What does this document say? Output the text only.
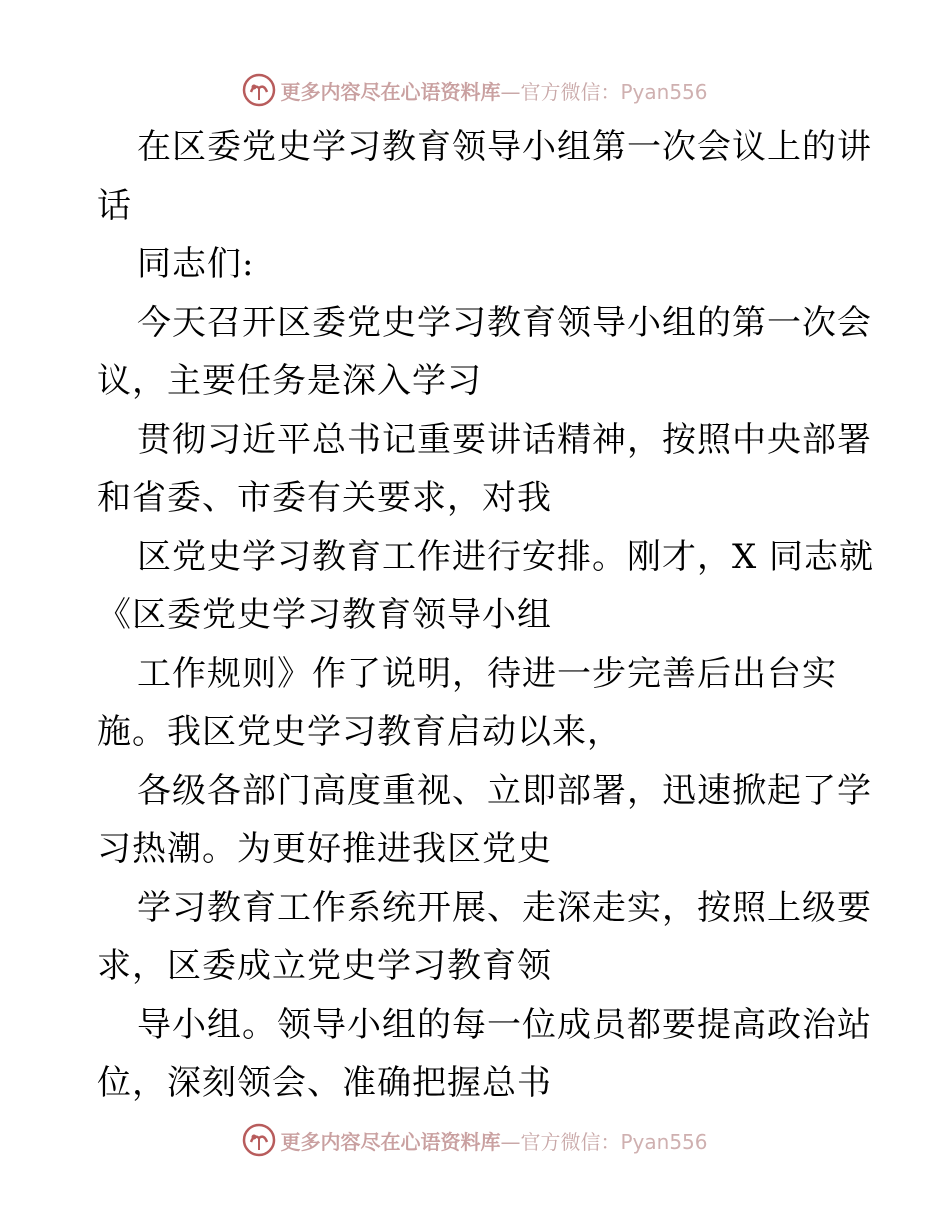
更多内容尽在心语资料库—官方微信：Pyan556
在区委党史学习教育领导小组第一次会议上的讲
话
同志们:
今天召开区委党史学习教育领导小组的第一次会
议，主要任务是深入学习
贯彻习近平总书记重要讲话精神，按照中央部署
和省委、市委有关要求，对我
区党史学习教育工作进行安排。刚才，X 同志就
《区委党史学习教育领导小组
工作规则》作了说明，待进一步完善后出台实
施。我区党史学习教育启动以来，
各级各部门高度重视、立即部署，迅速掀起了学
习热潮。为更好推进我区党史
学习教育工作系统开展、走深走实，按照上级要
求，区委成立党史学习教育领
导小组。领导小组的每一位成员都要提高政治站
位，深刻领会、准确把握总书
更多内容尽在心语资料库—官方微信：Pyan556
